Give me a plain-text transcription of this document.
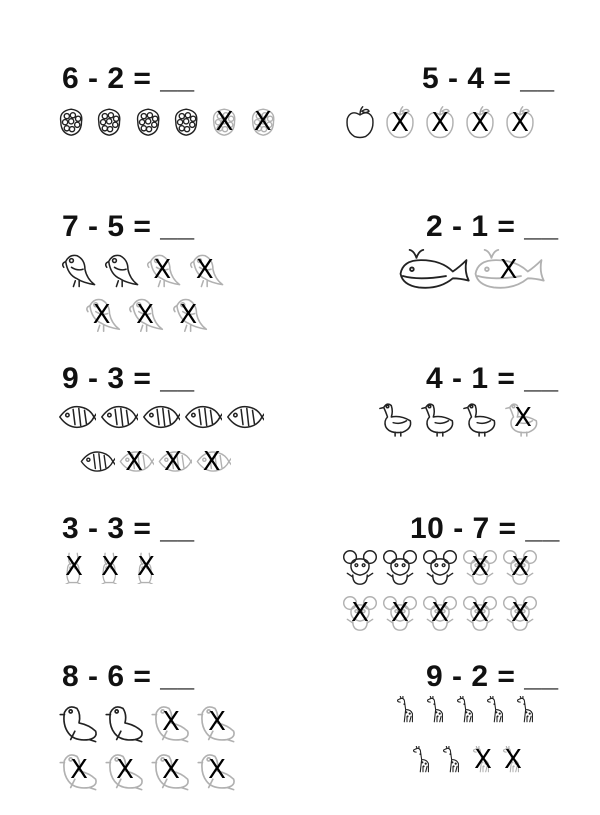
6 - 2 = __
X X
5 - 4 = __
X X X X
7 - 5 = __
X X
X X X
2 - 1 = __
X
9 - 3 = __
X X X
4 - 1 = __
X
3 - 3 = __
X X X
10 - 7 = __
X X
X X X X X
8 - 6 = __
X	X
X	X	X	X
9 - 2 = __
X X
